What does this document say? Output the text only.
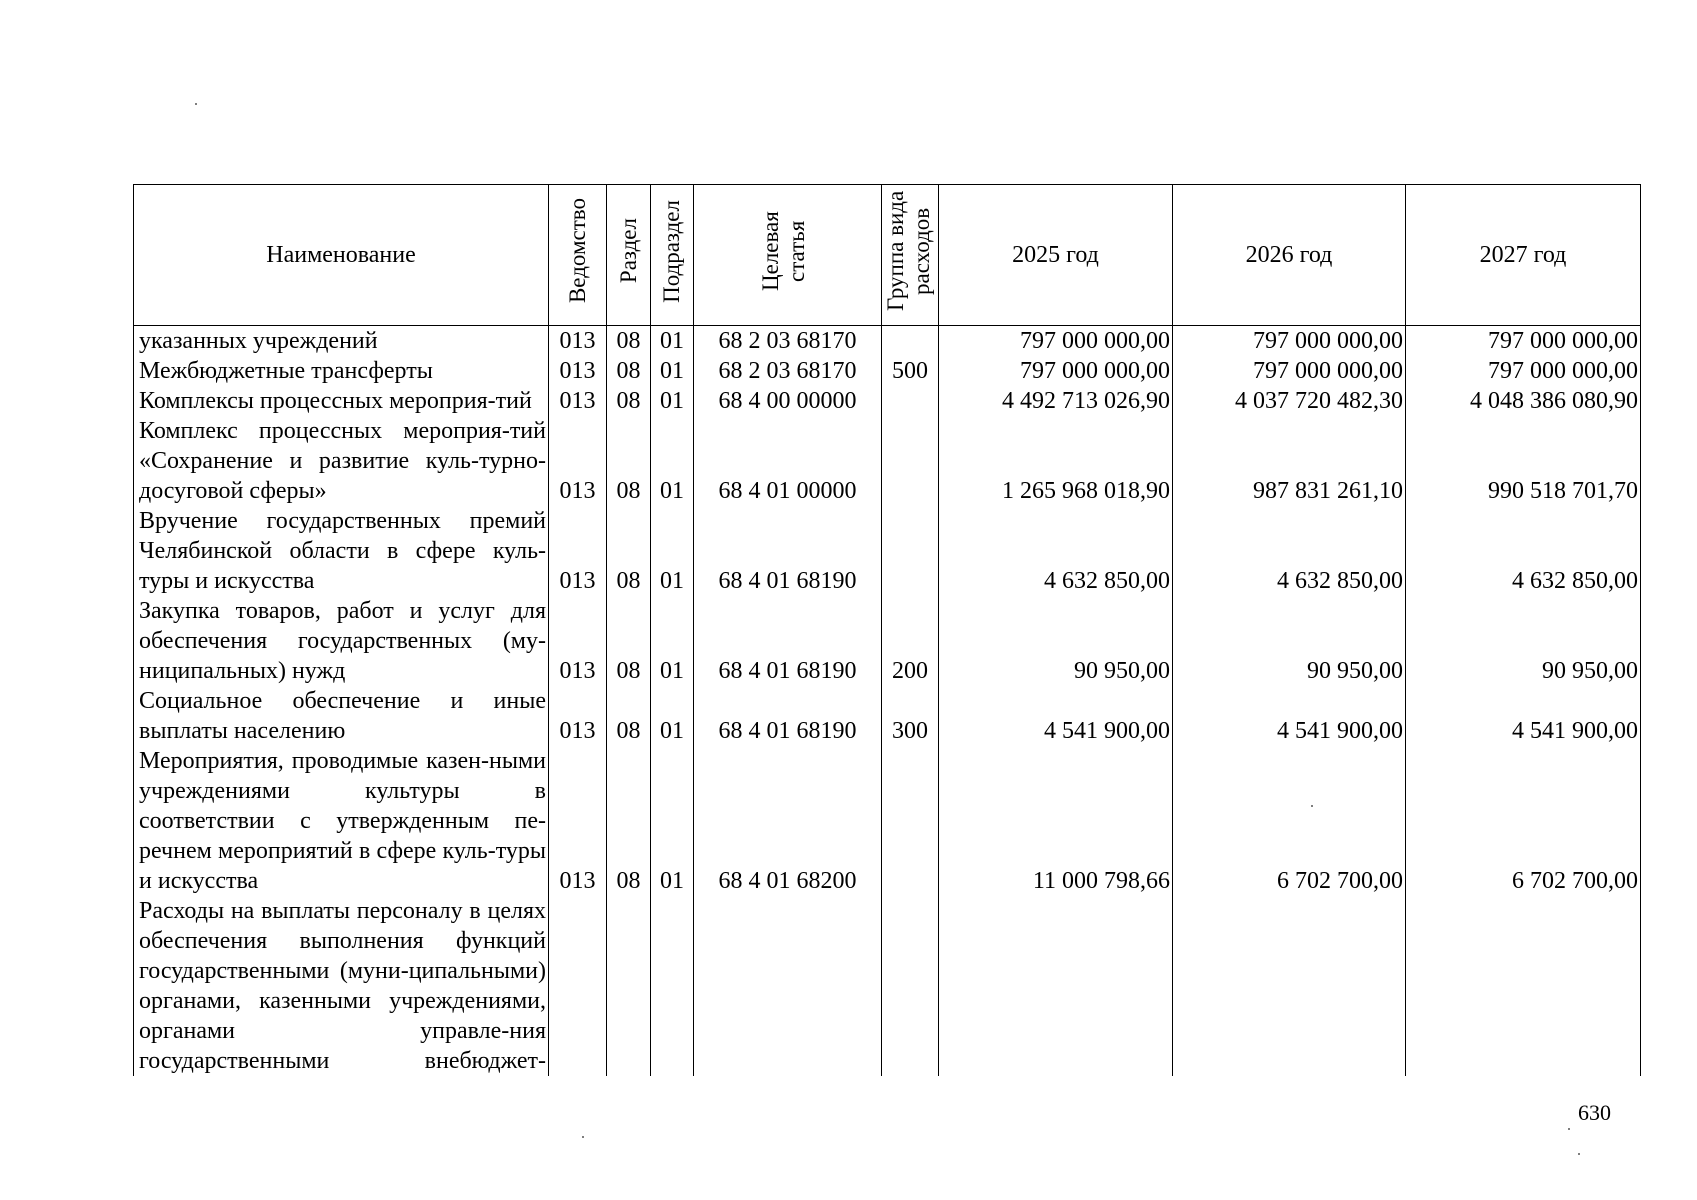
Наименование	Ведомство	Раздел	Подраздел	Целевая статья	Группа вида расходов	2025 год	2026 год	2027 год
указанных учреждений	013	08	01	68 2 03 68170		797 000 000,00	797 000 000,00	797 000 000,00
Межбюджетные трансферты	013	08	01	68 2 03 68170	500	797 000 000,00	797 000 000,00	797 000 000,00
Комплексы процессных мероприя-тий	013	08	01	68 4 00 00000		4 492 713 026,90	4 037 720 482,30	4 048 386 080,90
Комплекс процессных мероприя-тий «Сохранение и развитие куль-турно-досуговой сферы»	013	08	01	68 4 01 00000		1 265 968 018,90	987 831 261,10	990 518 701,70
Вручение государственных премий Челябинской области в сфере куль-туры и искусства	013	08	01	68 4 01 68190		4 632 850,00	4 632 850,00	4 632 850,00
Закупка товаров, работ и услуг для обеспечения государственных (му-ниципальных) нужд	013	08	01	68 4 01 68190	200	90 950,00	90 950,00	90 950,00
Социальное обеспечение и иные выплаты населению	013	08	01	68 4 01 68190	300	4 541 900,00	4 541 900,00	4 541 900,00
Мероприятия, проводимые казен-ными учреждениями культуры в соответствии с утвержденным пе-речнем мероприятий в сфере куль-туры и искусства	013	08	01	68 4 01 68200		11 000 798,66	6 702 700,00	6 702 700,00
Расходы на выплаты персоналу в целях обеспечения выполнения функций государственными (муни-ципальными) органами, казенными учреждениями, органами управле-ния государственными внебюджет-								
630
